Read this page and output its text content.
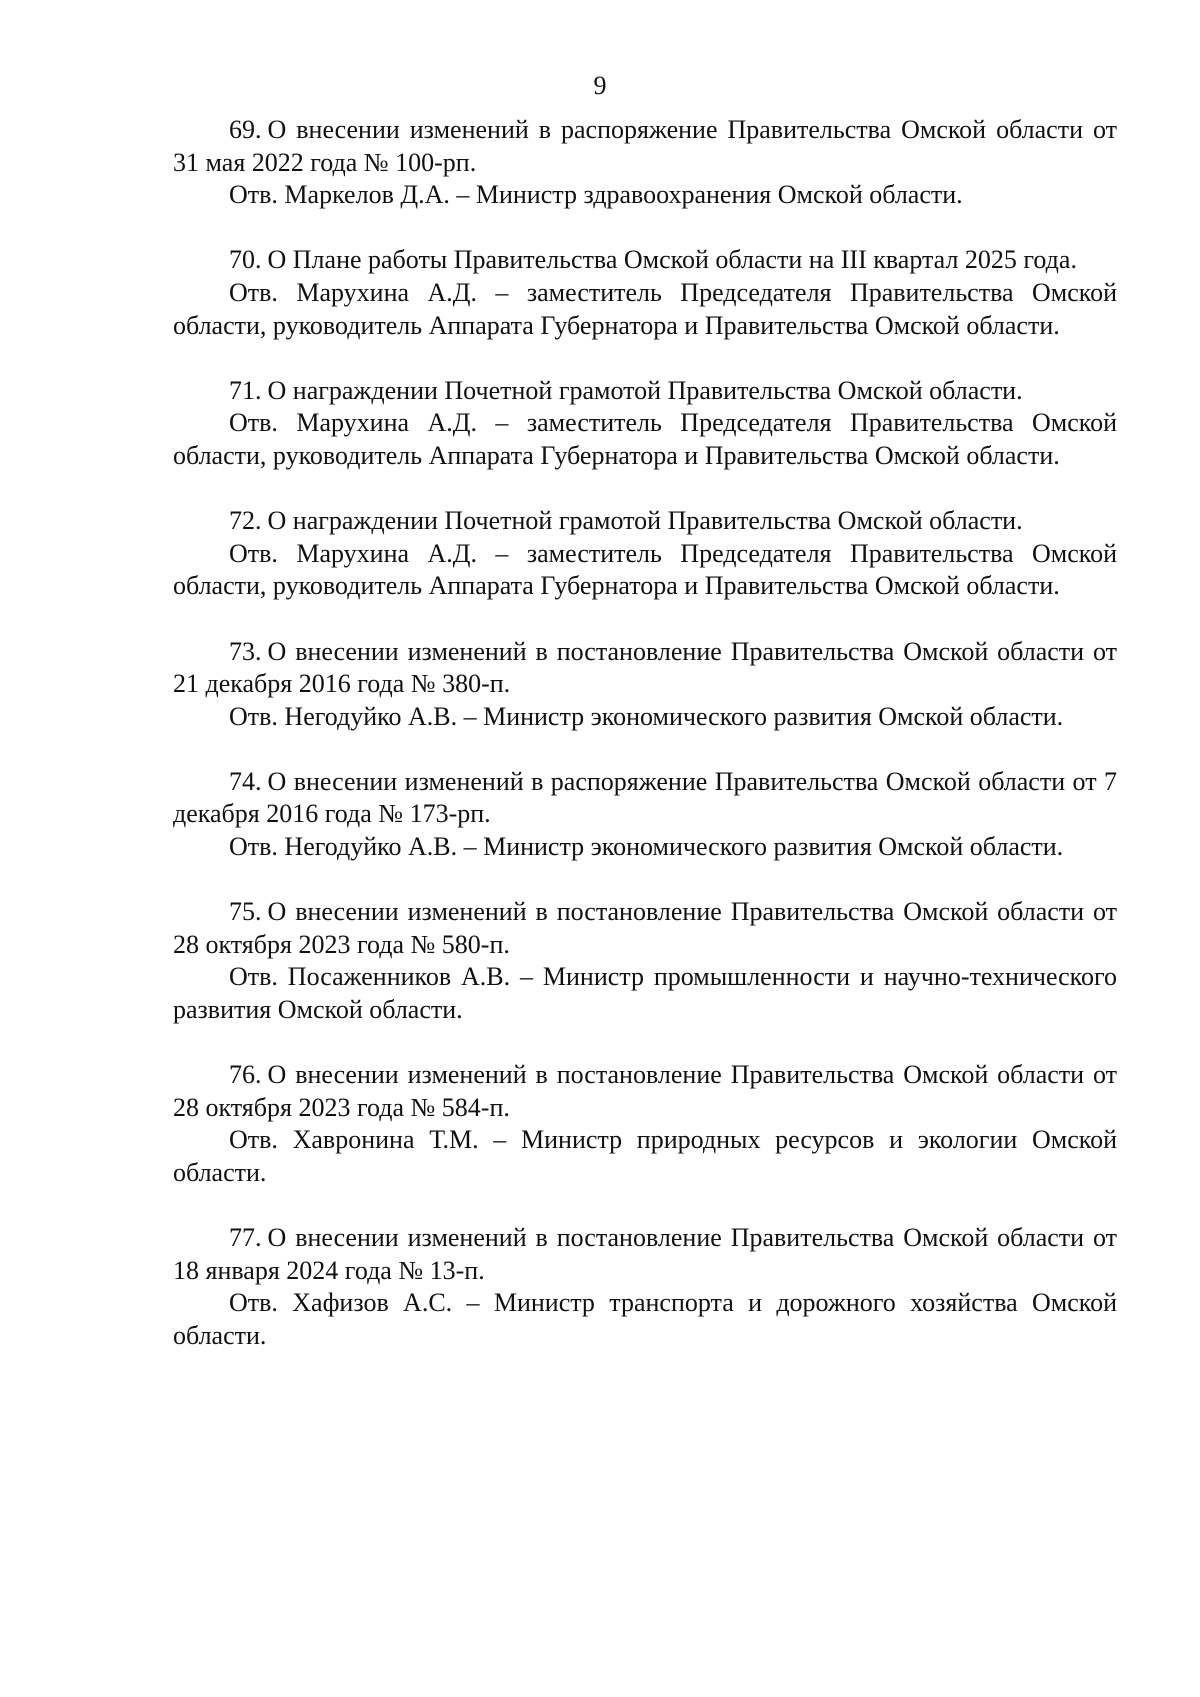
9

69. О внесении изменений в распоряжение Правительства Омской области от 31 мая 2022 года № 100-рп.

Отв. Маркелов Д.А. – Министр здравоохранения Омской области.

70. О Плане работы Правительства Омской области на III квартал 2025 года.

Отв. Марухина А.Д. – заместитель Председателя Правительства Омской области, руководитель Аппарата Губернатора и Правительства Омской области.

71. О награждении Почетной грамотой Правительства Омской области.

Отв. Марухина А.Д. – заместитель Председателя Правительства Омской области, руководитель Аппарата Губернатора и Правительства Омской области.

72. О награждении Почетной грамотой Правительства Омской области.

Отв. Марухина А.Д. – заместитель Председателя Правительства Омской области, руководитель Аппарата Губернатора и Правительства Омской области.

73. О внесении изменений в постановление Правительства Омской области от 21 декабря 2016 года № 380-п.

Отв. Негодуйко А.В. – Министр экономического развития Омской области.

74. О внесении изменений в распоряжение Правительства Омской области от 7 декабря 2016 года № 173-рп.

Отв. Негодуйко А.В. – Министр экономического развития Омской области.

75. О внесении изменений в постановление Правительства Омской области от 28 октября 2023 года № 580-п.

Отв. Посаженников А.В. – Министр промышленности и научно-технического развития Омской области.

76. О внесении изменений в постановление Правительства Омской области от 28 октября 2023 года № 584-п.

Отв. Хавронина Т.М. – Министр природных ресурсов и экологии Омской области.

77. О внесении изменений в постановление Правительства Омской области от 18 января 2024 года № 13-п.

Отв. Хафизов А.С. – Министр транспорта и дорожного хозяйства Омской области.
